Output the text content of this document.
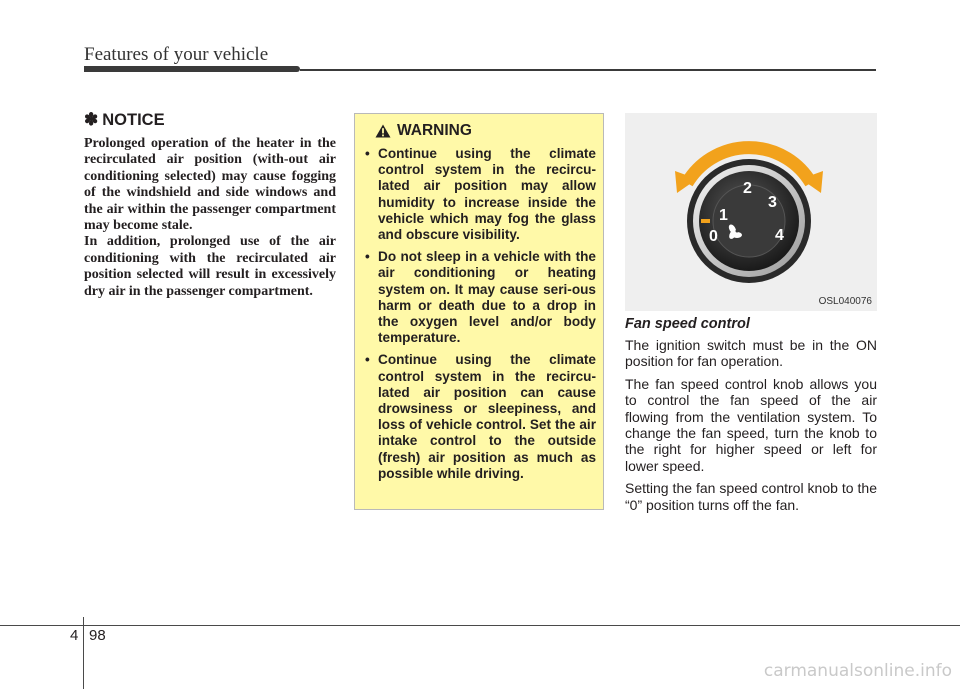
Features of your vehicle
✽ NOTICE

Prolonged operation of the heater in the recirculated air position (with-out air conditioning selected) may cause fogging of the windshield and side windows and the air within the passenger compartment may become stale.

In addition, prolonged use of the air conditioning with the recirculated air position selected will result in excessively dry air in the passenger compartment.

WARNING
• Continue using the climate control system in the recircu-lated air position may allow humidity to increase inside the vehicle which may fog the glass and obscure visibility.
• Do not sleep in a vehicle with the air conditioning or heating system on. It may cause seri-ous harm or death due to a drop in the oxygen level and/or body temperature.
• Continue using the climate control system in the recircu-lated air position can cause drowsiness or sleepiness, and loss of vehicle control. Set the air intake control to the outside (fresh) air position as much as possible while driving.
1
2
3
0	4
OSL040076
Fan speed control

The ignition switch must be in the ON position for fan operation.

The fan speed control knob allows you to control the fan speed of the air flowing from the ventilation system. To change the fan speed, turn the knob to the right for higher speed or left for lower speed.

Setting the fan speed control knob to the “0” position turns off the fan.

4 98
carmanualsonline.info
